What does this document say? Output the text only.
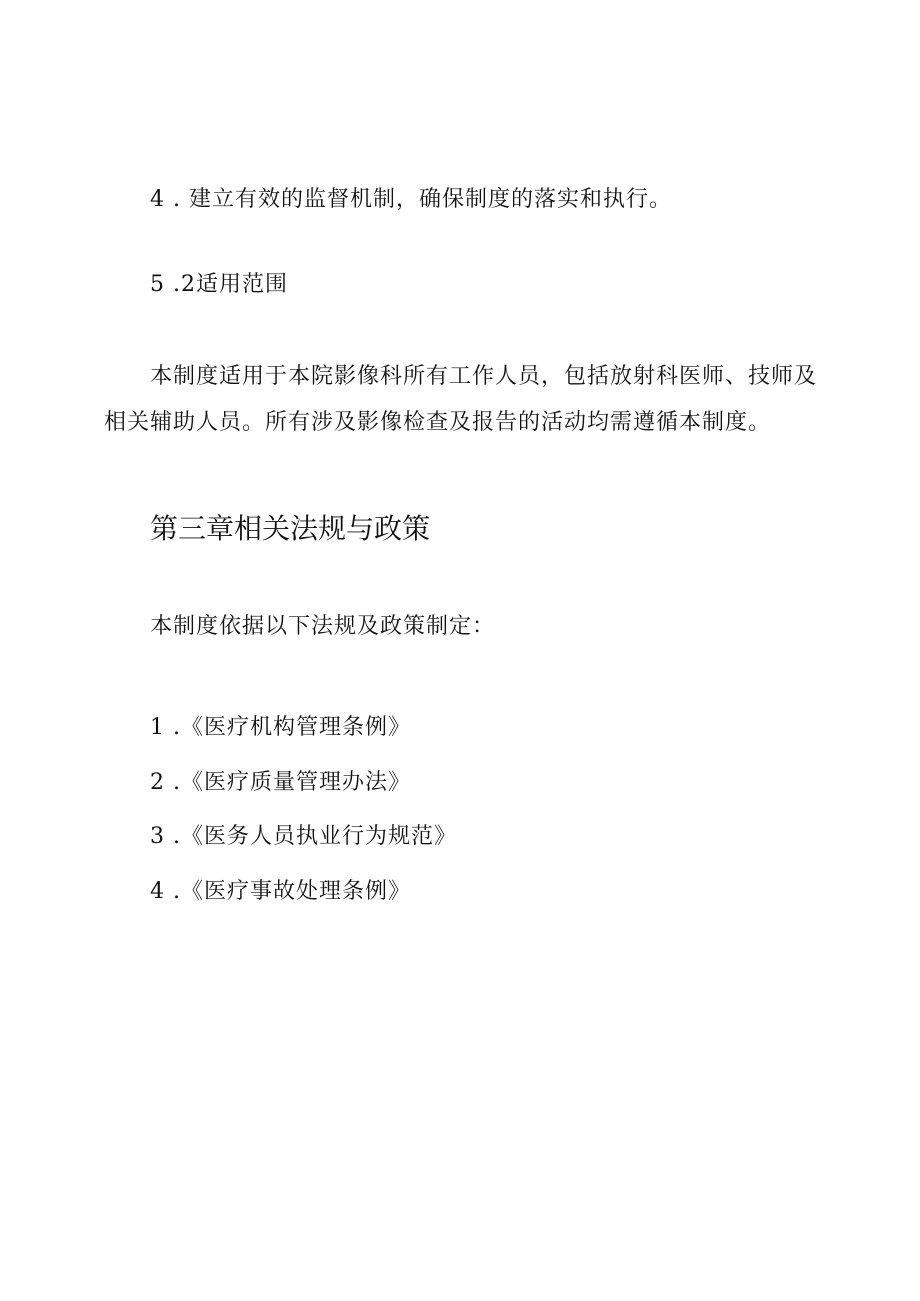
4 . 建立有效的监督机制，确保制度的落实和执行。
5 .2适用范围
本制度适用于本院影像科所有工作人员，包括放射科医师、技师及
相关辅助人员。所有涉及影像检查及报告的活动均需遵循本制度。
第三章相关法规与政策
本制度依据以下法规及政策制定：
1 .《医疗机构管理条例》
2 .《医疗质量管理办法》
3 .《医务人员执业行为规范》
4 .《医疗事故处理条例》
